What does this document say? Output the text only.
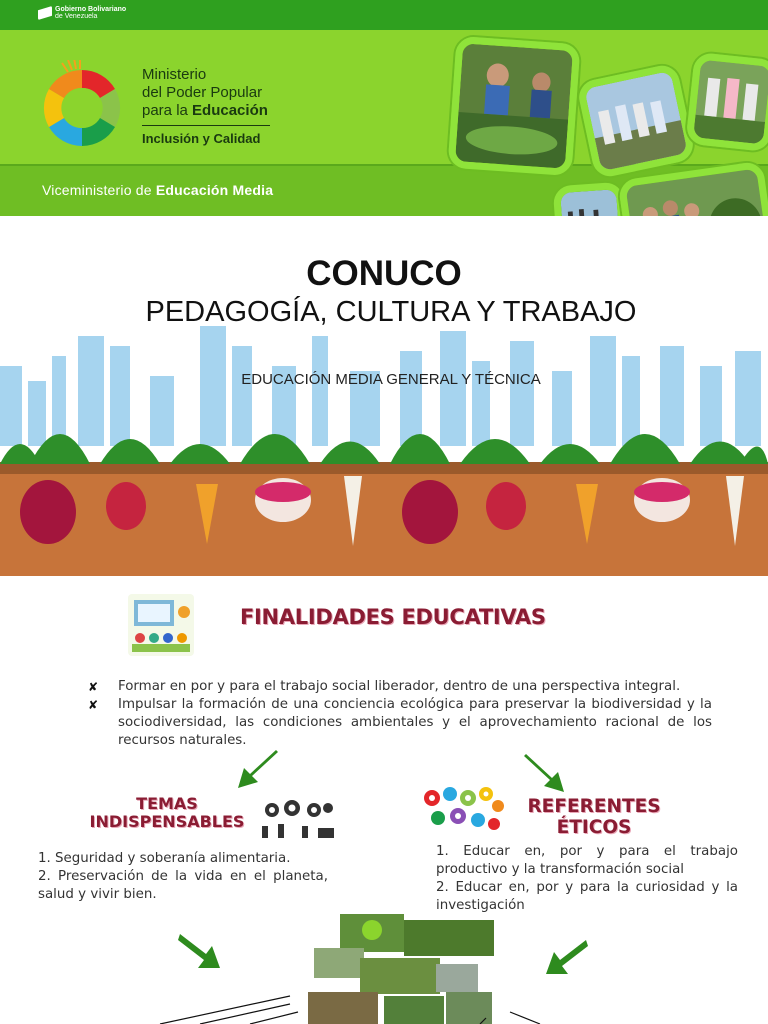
Gobierno Bolivariano
de Venezuela
Ministerio
del Poder Popular
para la Educación
Inclusión y Calidad
Viceministerio de Educación Media
CONUCO
PEDAGOGÍA, CULTURA Y TRABAJO
EDUCACIÓN MEDIA GENERAL Y TÉCNICA
FINALIDADES EDUCATIVAS
✘ Formar en por y para el trabajo social liberador, dentro de una perspectiva integral.
✘ Impulsar la formación de una conciencia ecológica para preservar la biodiversidad y la sociodiversidad, las condiciones ambientales y el aprovechamiento racional de los recursos naturales.
TEMAS
INDISPENSABLES
1. Seguridad y soberanía alimentaria.
2. Preservación de la vida en el planeta, salud y vivir bien.
REFERENTES
ÉTICOS
1. Educar en, por y para el trabajo productivo y la transformación social
2. Educar en, por y para la curiosidad y la investigación
